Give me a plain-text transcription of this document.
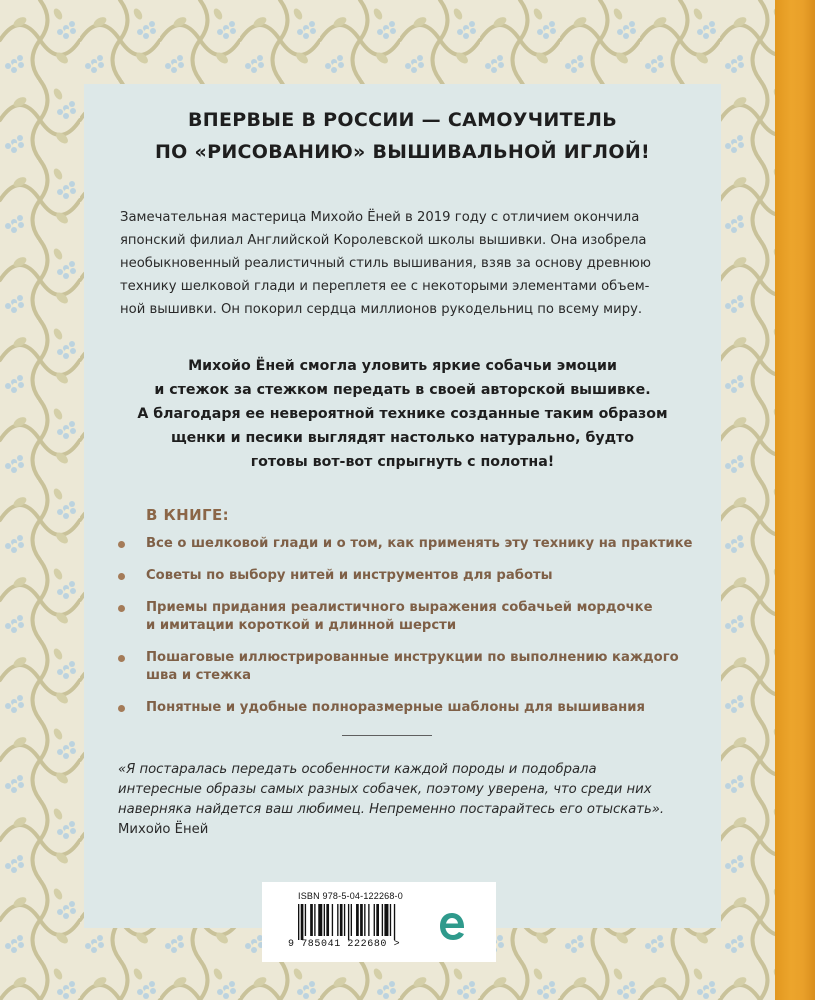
ВПЕРВЫЕ В РОССИИ — САМОУЧИТЕЛЬ
ПО «РИСОВАНИЮ» ВЫШИВАЛЬНОЙ ИГЛОЙ!
Замечательная мастерица Михойо Ёней в 2019 году с отличием окончила
японский филиал Английской Королевской школы вышивки. Она изобрела
необыкновенный реалистичный стиль вышивания, взяв за основу древнюю
технику шелковой глади и переплетя ее с некоторыми элементами объем-
ной вышивки. Он покорил сердца миллионов рукодельниц по всему миру.
Михойо Ёней смогла уловить яркие собачьи эмоции
и стежок за стежком передать в своей авторской вышивке.
А благодаря ее невероятной технике созданные таким образом
щенки и песики выглядят настолько натурально, будто
готовы вот-вот спрыгнуть с полотна!
В КНИГЕ:
Все о шелковой глади и о том, как применять эту технику на практике
Советы по выбору нитей и инструментов для работы
Приемы придания реалистичного выражения собачьей мордочке
и имитации короткой и длинной шерсти
Пошаговые иллюстрированные инструкции по выполнению каждого
шва и стежка
Понятные и удобные полноразмерные шаблоны для вышивания
«Я постаралась передать особенности каждой породы и подобрала
интересные образы самых разных собачек, поэтому уверена, что среди них
наверняка найдется ваш любимец. Непременно постарайтесь его отыскать».
Михойо Ёней
ISBN 978-5-04-122268-0
9 785041 222680 >
